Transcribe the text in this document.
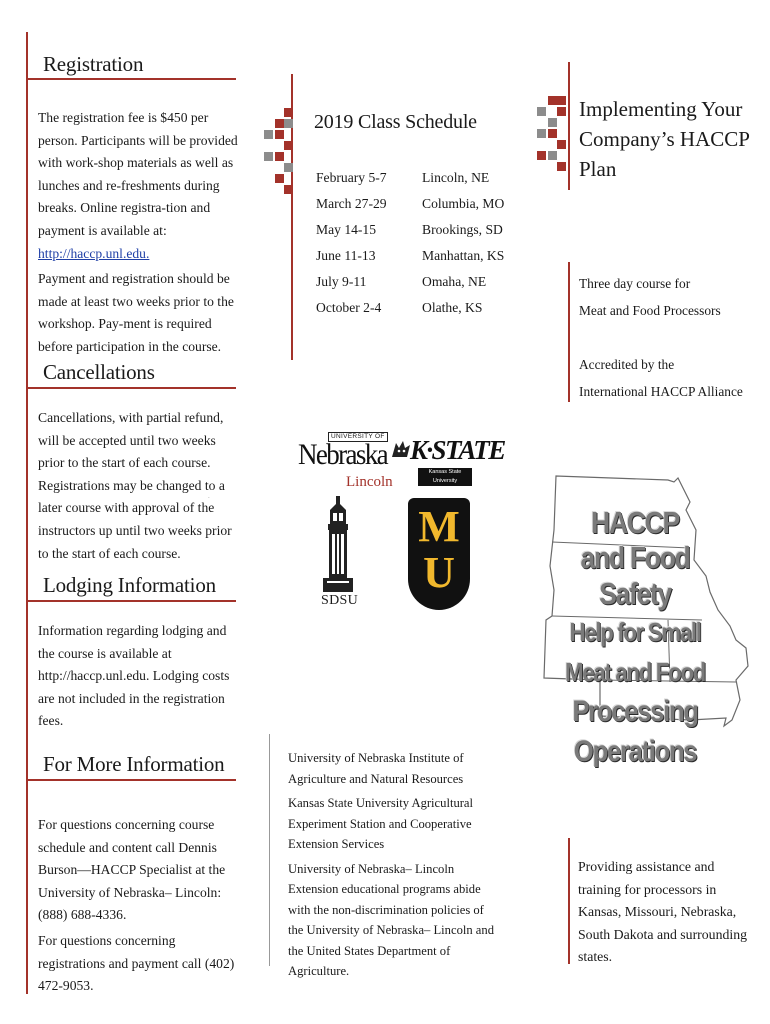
Registration

The registration fee is $450 per person. Participants will be provided with work-shop materials as well as lunches and re-freshments during breaks. Online registra-tion and payment is available at: http://haccp.unl.edu.

Payment and registration should be made at least two weeks prior to the workshop. Pay-ment is required before participation in the course.

Cancellations
Cancellations, with partial refund, will be accepted until two weeks prior to the start of each course. Registrations may be changed to a later course with approval of the instructors up until two weeks prior to the start of each course.
Lodging Information
Information regarding lodging and the course is available at http://haccp.unl.edu. Lodging costs are not included in the registration fees.
For More Information

For questions concerning course schedule and content call Dennis Burson—HACCP Specialist at the University of Nebraska– Lincoln: (888) 688-4336.

For questions concerning registrations and payment call (402) 472-9053.

2019 Class Schedule
February 5-7	Lincoln, NE
March 27-29	Columbia, MO
May 14-15	Brookings, SD
June 11-13	Manhattan, KS
July 9-11	Omaha, NE
October 2-4	Olathe, KS
UNIVERSITY OF
Nebraska
Lincoln
K·STATE
Kansas State University
SDSU
M
U
MU

University of Nebraska Institute of Agriculture and Natural Resources

Kansas State University Agricultural Experiment Station and Cooperative Extension Services

University of Nebraska– Lincoln Extension educational programs abide with the non-discrimination policies of the University of Nebraska– Lincoln and the United States Department of Agriculture.

Implementing Your
Company’s HACCP
Plan
Three day course for
Meat and Food Processors
Accredited by the
International HACCP Alliance
HACCP
and Food Safety
Help for Small Meat and Food
Processing Operations
Providing assistance and training for processors in Kansas, Missouri, Nebraska, South Dakota and surrounding states.
